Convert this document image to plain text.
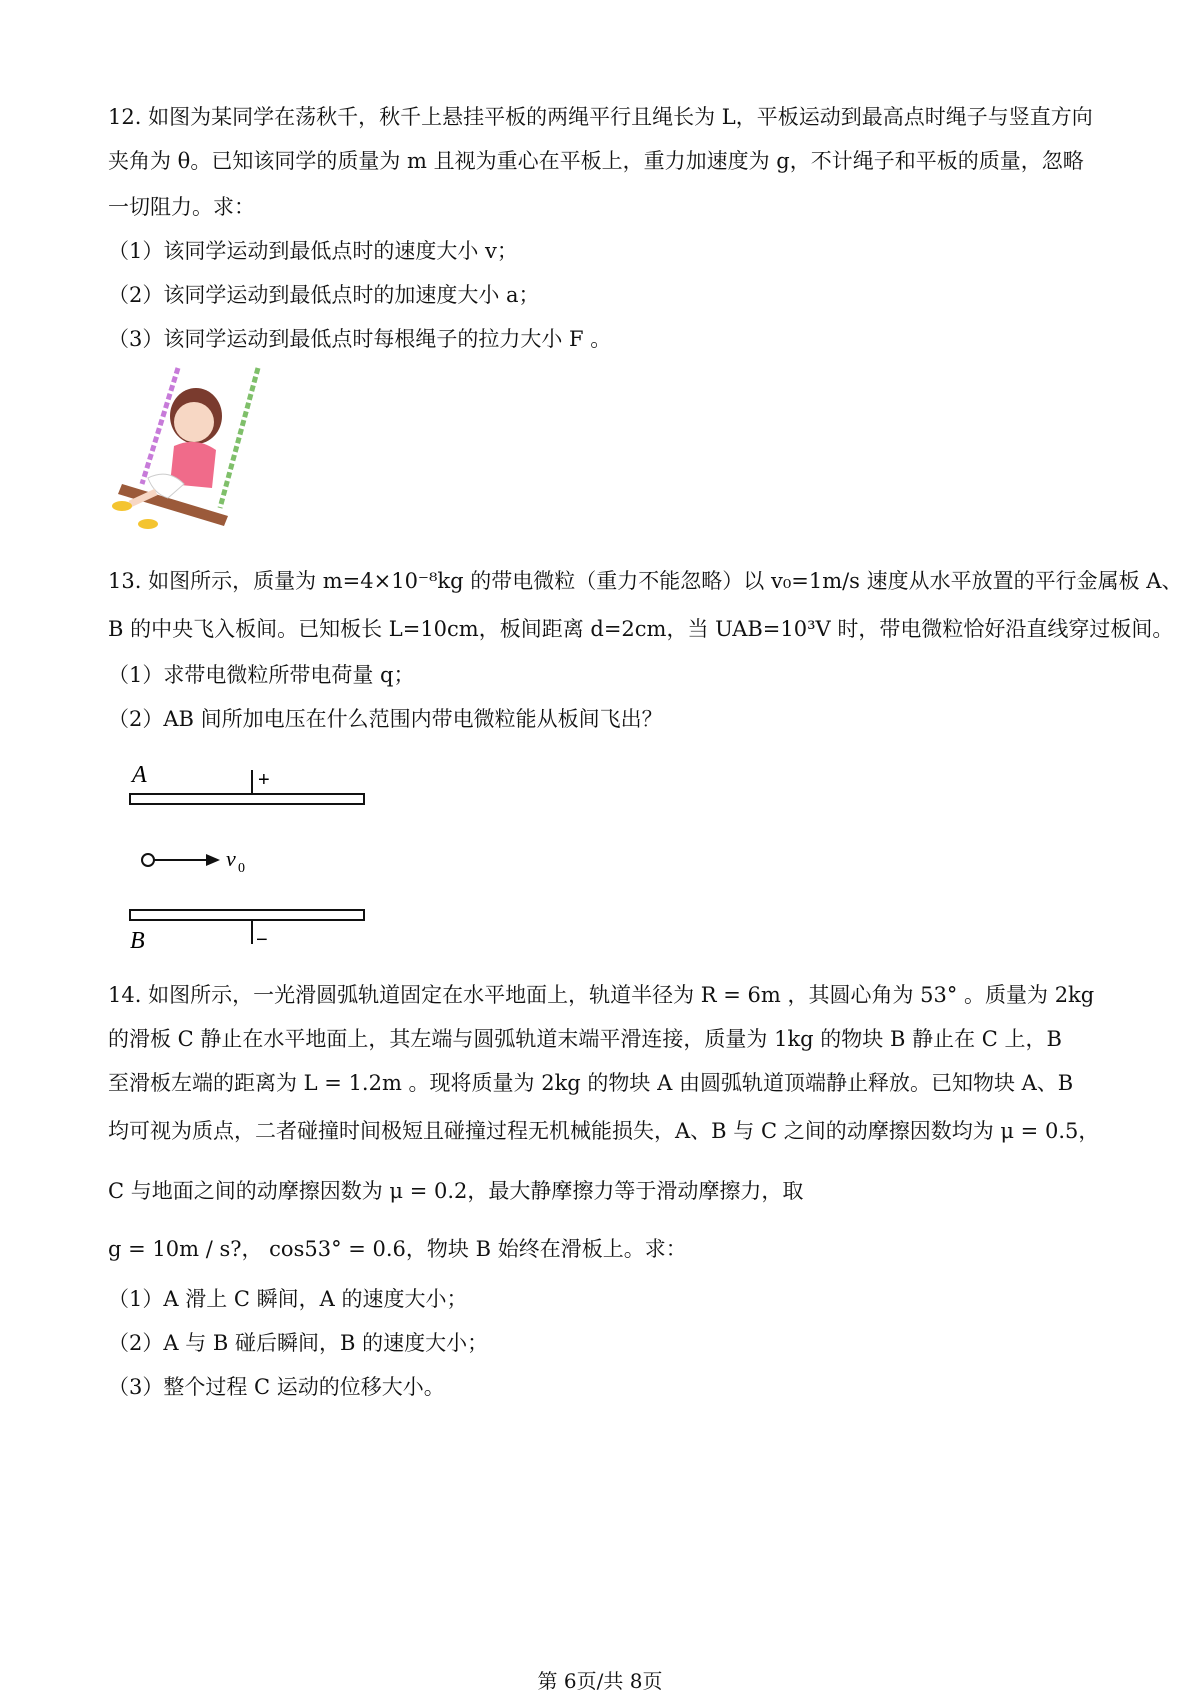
12. 如图为某同学在荡秋千，秋千上悬挂平板的两绳平行且绳长为 L，平板运动到最高点时绳子与竖直方向
夹角为 θ。已知该同学的质量为 m 且视为重心在平板上，重力加速度为 g，不计绳子和平板的质量，忽略
一切阻力。求：
（1）该同学运动到最低点时的速度大小 v；
（2）该同学运动到最低点时的加速度大小 a；
（3）该同学运动到最低点时每根绳子的拉力大小 F 。
13. 如图所示，质量为 m=4×10⁻⁸kg 的带电微粒（重力不能忽略）以 v₀=1m/s 速度从水平放置的平行金属板 A、
B 的中央飞入板间。已知板长 L=10cm，板间距离 d=2cm，当 UAB=10³V 时，带电微粒恰好沿直线穿过板间。
（1）求带电微粒所带电荷量 q；
（2）AB 间所加电压在什么范围内带电微粒能从板间飞出？
A	+
v 0
−
B
14. 如图所示，一光滑圆弧轨道固定在水平地面上，轨道半径为 R = 6m ，其圆心角为 53° 。质量为 2kg
的滑板 C 静止在水平地面上，其左端与圆弧轨道末端平滑连接，质量为 1kg 的物块 B 静止在 C 上，B
至滑板左端的距离为 L = 1.2m 。现将质量为 2kg 的物块 A 由圆弧轨道顶端静止释放。已知物块 A、B
均可视为质点，二者碰撞时间极短且碰撞过程无机械能损失，A、B 与 C 之间的动摩擦因数均为 μ = 0.5，
C 与地面之间的动摩擦因数为 μ = 0.2，最大静摩擦力等于滑动摩擦力，取
g = 10m / s?， cos53° = 0.6，物块 B 始终在滑板上。求：
（1）A 滑上 C 瞬间，A 的速度大小；
（2）A 与 B 碰后瞬间，B 的速度大小；
（3）整个过程 C 运动的位移大小。
第 6页/共 8页
